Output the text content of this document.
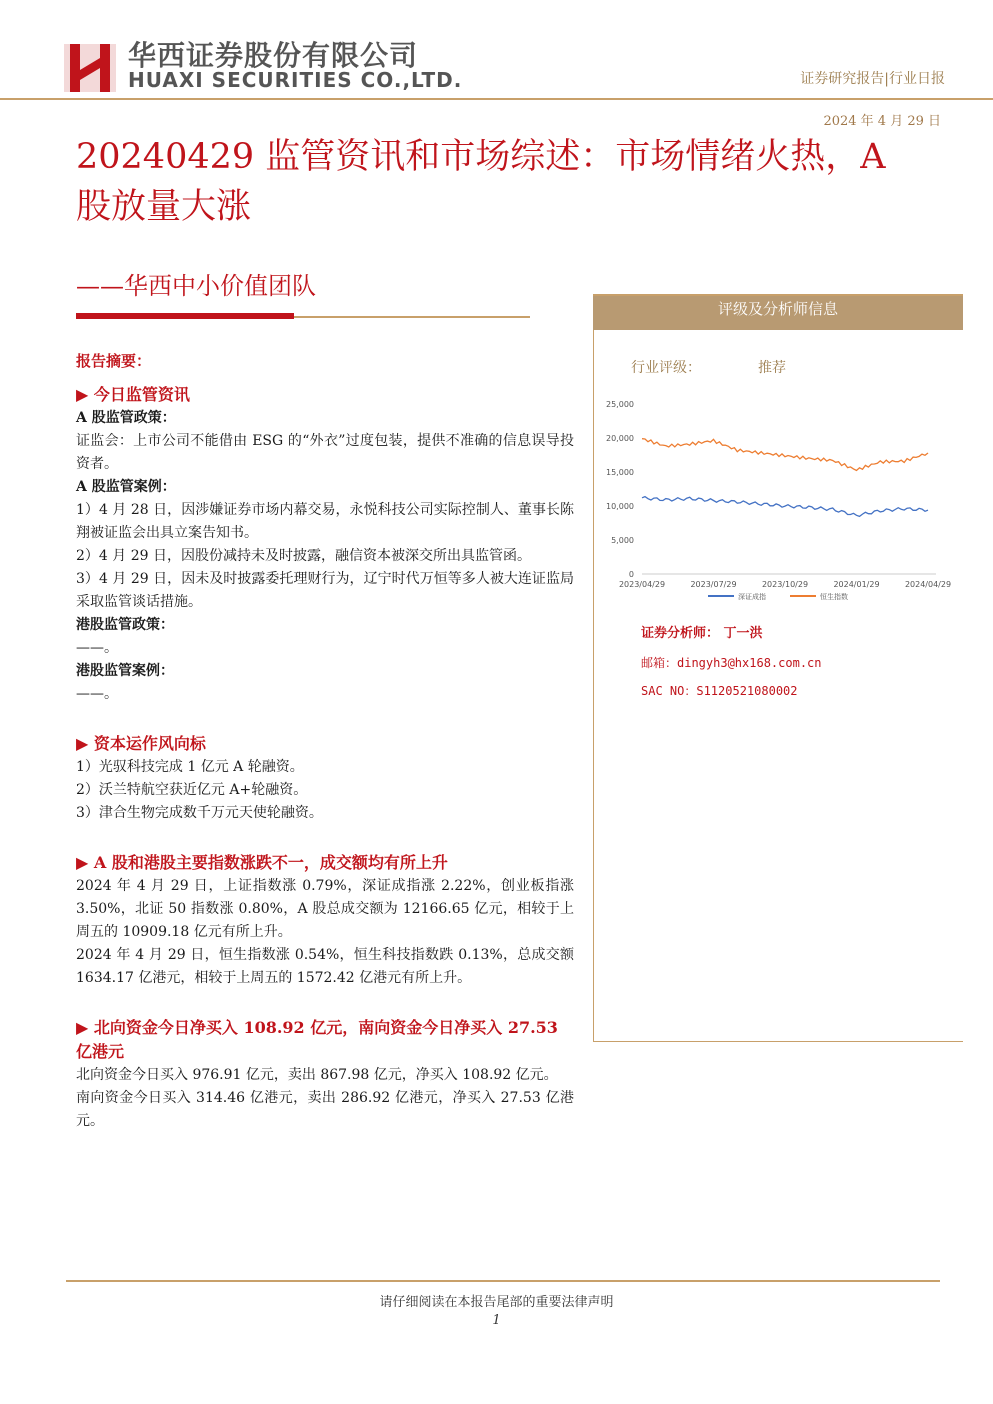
华西证券股份有限公司
HUAXI SECURITIES CO.,LTD.	证券研究报告|行业日报
2024 年 4 月 29 日
20240429 监管资讯和市场综述：市场情绪火热，A 股放量大涨
——华西中小价值团队
报告摘要：
▶ 今日监管资讯
A 股监管政策：
证监会：上市公司不能借由 ESG 的“外衣”过度包装，提供不准确的信息误导投资者。
A 股监管案例：
1）4 月 28 日，因涉嫌证券市场内幕交易，永悦科技公司实际控制人、董事长陈翔被证监会出具立案告知书。
2）4 月 29 日，因股份减持未及时披露，融信资本被深交所出具监管函。
3）4 月 29 日，因未及时披露委托理财行为，辽宁时代万恒等多人被大连证监局采取监管谈话措施。
港股监管政策：
——。
港股监管案例：
——。
▶ 资本运作风向标
1）光驭科技完成 1 亿元 A 轮融资。
2）沃兰特航空获近亿元 A+轮融资。
3）津合生物完成数千万元天使轮融资。
▶ A 股和港股主要指数涨跌不一，成交额均有所上升
2024 年 4 月 29 日，上证指数涨 0.79%，深证成指涨 2.22%，创业板指涨 3.50%，北证 50 指数涨 0.80%，A 股总成交额为 12166.65 亿元，相较于上周五的 10909.18 亿元有所上升。
2024 年 4 月 29 日，恒生指数涨 0.54%，恒生科技指数跌 0.13%，总成交额 1634.17 亿港元，相较于上周五的 1572.42 亿港元有所上升。
▶ 北向资金今日净买入 108.92 亿元，南向资金今日净买入 27.53 亿港元
北向资金今日买入 976.91 亿元，卖出 867.98 亿元，净买入 108.92 亿元。
南向资金今日买入 314.46 亿港元，卖出 286.92 亿港元，净买入 27.53 亿港元。
评级及分析师信息
行业评级：	推荐
0
5,000
10,000
15,000
20,000
25,000
2023/04/29	2023/07/29	2023/10/29	2024/01/29	2024/04/29
深证成指	恒生指数
证券分析师： 丁一洪
邮箱：dingyh3@hx168.com.cn
SAC NO：S1120521080002
请仔细阅读在本报告尾部的重要法律声明
1
